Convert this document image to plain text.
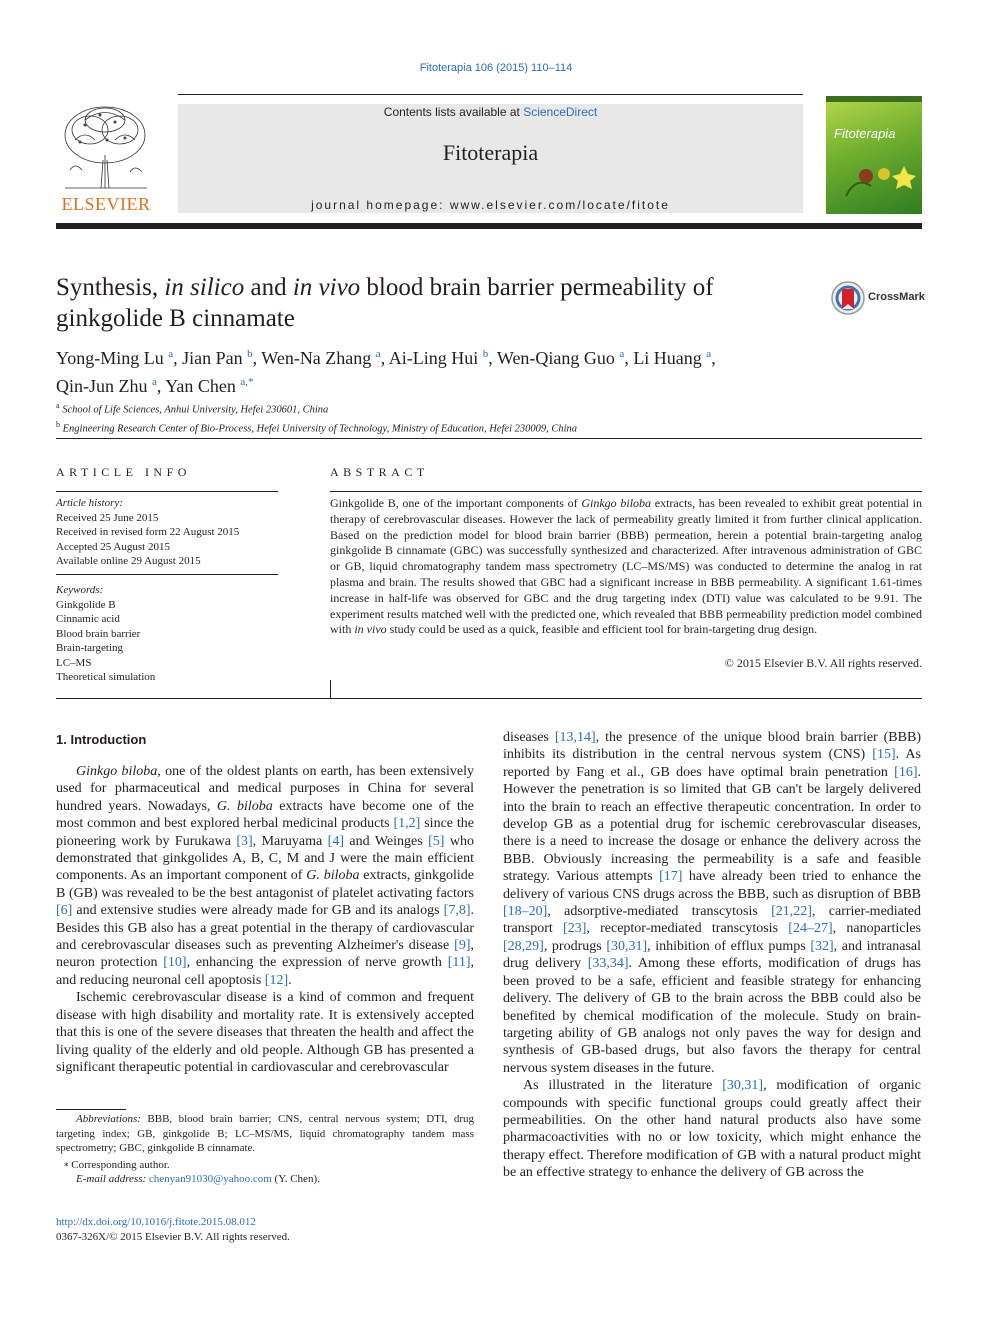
Fitoterapia 106 (2015) 110–114
ELSEVIER
Contents lists available at ScienceDirect
Fitoterapia
journal homepage: www.elsevier.com/locate/fitote
Fitoterapia
Synthesis, in silico and in vivo blood brain barrier permeability of
ginkgolide B cinnamate
CrossMark
Yong-Ming Lu $^a$, Jian Pan $^b$, Wen-Na Zhang $^a$, Ai-Ling Hui $^b$, Wen-Qiang Guo $^a$, Li Huang $^a$,
Qin-Jun Zhu $^a$, Yan Chen $^{a,*}$
$^a$ School of Life Sciences, Anhui University, Hefei 230601, China
$^b$ Engineering Research Center of Bio-Process, Hefei University of Technology, Ministry of Education, Hefei 230009, China
ARTICLE INFO
Article history:
Received 25 June 2015
Received in revised form 22 August 2015
Accepted 25 August 2015
Available online 29 August 2015
Keywords:
Ginkgolide B
Cinnamic acid
Blood brain barrier
Brain-targeting
LC–MS
Theoretical simulation
ABSTRACT
Ginkgolide B, one of the important components of Ginkgo biloba extracts, has been revealed to exhibit great potential in therapy of cerebrovascular diseases. However the lack of permeability greatly limited it from further clinical application. Based on the prediction model for blood brain barrier (BBB) permeation, herein a potential brain-targeting analog ginkgolide B cinnamate (GBC) was successfully synthesized and characterized. After intravenous administration of GBC or GB, liquid chromatography tandem mass spectrometry (LC–MS/MS) was conducted to determine the analog in rat plasma and brain. The results showed that GBC had a significant increase in BBB permeability. A significant 1.61-times increase in half-life was observed for GBC and the drug targeting index (DTI) value was calculated to be 9.91. The experiment results matched well with the predicted one, which revealed that BBB permeability prediction model combined with in vivo study could be used as a quick, feasible and efficient tool for brain-targeting drug design.
© 2015 Elsevier B.V. All rights reserved.
1. Introduction

Ginkgo biloba, one of the oldest plants on earth, has been extensively used for pharmaceutical and medical purposes in China for several hundred years. Nowadays, G. biloba extracts have become one of the most common and best explored herbal medicinal products [1,2] since the pioneering work by Furukawa [3], Maruyama [4] and Weinges [5] who demonstrated that ginkgolides A, B, C, M and J were the main efficient components. As an important component of G. biloba extracts, ginkgolide B (GB) was revealed to be the best antagonist of platelet activating factors [6] and extensive studies were already made for GB and its analogs [7,8]. Besides this GB also has a great potential in the therapy of cardiovascular and cerebrovascular diseases such as preventing Alzheimer's disease [9], neuron protection [10], enhancing the expression of nerve growth [11], and reducing neuronal cell apoptosis [12].

Ischemic cerebrovascular disease is a kind of common and frequent disease with high disability and mortality rate. It is extensively accepted that this is one of the severe diseases that threaten the health and affect the living quality of the elderly and old people. Although GB has presented a significant therapeutic potential in cardiovascular and cerebrovascular

diseases [13,14], the presence of the unique blood brain barrier (BBB) inhibits its distribution in the central nervous system (CNS) [15]. As reported by Fang et al., GB does have optimal brain penetration [16]. However the penetration is so limited that GB can't be largely delivered into the brain to reach an effective therapeutic concentration. In order to develop GB as a potential drug for ischemic cerebrovascular diseases, there is a need to increase the dosage or enhance the delivery across the BBB. Obviously increasing the permeability is a safe and feasible strategy. Various attempts [17] have already been tried to enhance the delivery of various CNS drugs across the BBB, such as disruption of BBB [18–20], adsorptive-mediated transcytosis [21,22], carrier-mediated transport [23], receptor-mediated transcytosis [24–27], nanoparticles [28,29], prodrugs [30,31], inhibition of efflux pumps [32], and intranasal drug delivery [33,34]. Among these efforts, modification of drugs has been proved to be a safe, efficient and feasible strategy for enhancing delivery. The delivery of GB to the brain across the BBB could also be benefited by chemical modification of the molecule. Study on brain-targeting ability of GB analogs not only paves the way for design and synthesis of GB-based drugs, but also favors the therapy for central nervous system diseases in the future.

As illustrated in the literature [30,31], modification of organic compounds with specific functional groups could greatly affect their permeabilities. On the other hand natural products also have some pharmacoactivities with no or low toxicity, which might enhance the therapy effect. Therefore modification of GB with a natural product might be an effective strategy to enhance the delivery of GB across the

Abbreviations: BBB, blood brain barrier; CNS, central nervous system; DTI, drug targeting index; GB, ginkgolide B; LC–MS/MS, liquid chromatography tandem mass spectrometry; GBC, ginkgolide B cinnamate.
⁎ Corresponding author.
E-mail address: chenyan91030@yahoo.com (Y. Chen).
http://dx.doi.org/10.1016/j.fitote.2015.08.012
0367-326X/© 2015 Elsevier B.V. All rights reserved.
